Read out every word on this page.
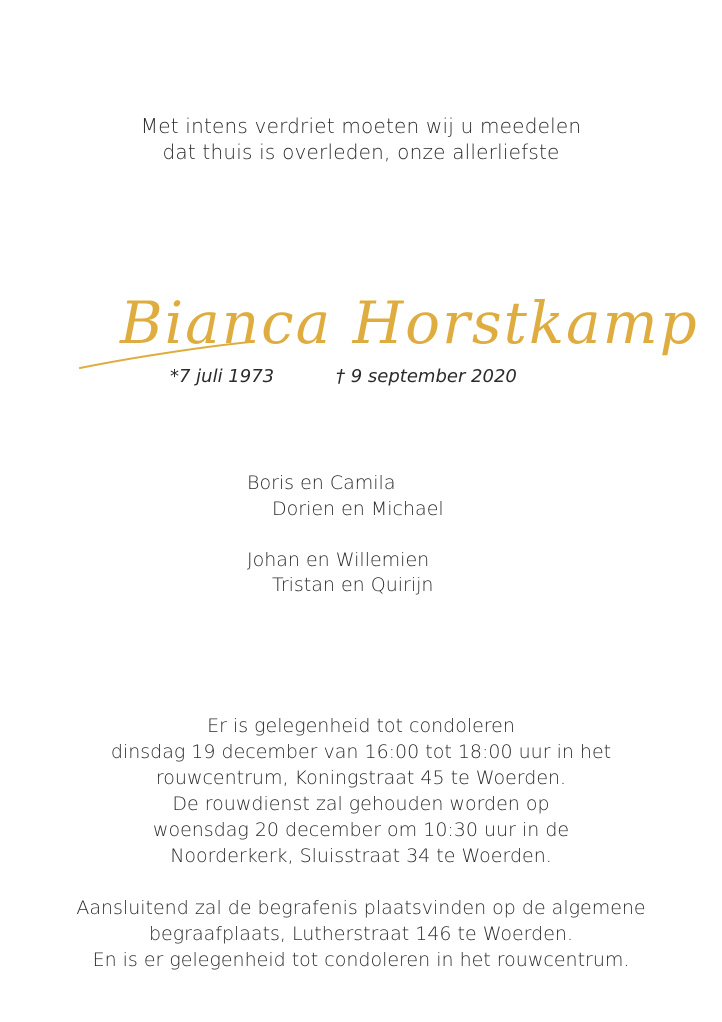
Met intens verdriet moeten wij u meedelen
dat thuis is overleden, onze allerliefste
Bianca Horstkamp
*7 juli 1973	† 9 september 2020
Boris en Camila
Dorien en Michael
Johan en Willemien
Tristan en Quirijn
Er is gelegenheid tot condoleren
dinsdag 19 december van 16:00 tot 18:00 uur in het
rouwcentrum, Koningstraat 45 te Woerden.
De rouwdienst zal gehouden worden op
woensdag 20 december om 10:30 uur in de
Noorderkerk, Sluisstraat 34 te Woerden.
Aansluitend zal de begrafenis plaatsvinden op de algemene
begraafplaats, Lutherstraat 146 te Woerden.
En is er gelegenheid tot condoleren in het rouwcentrum.
